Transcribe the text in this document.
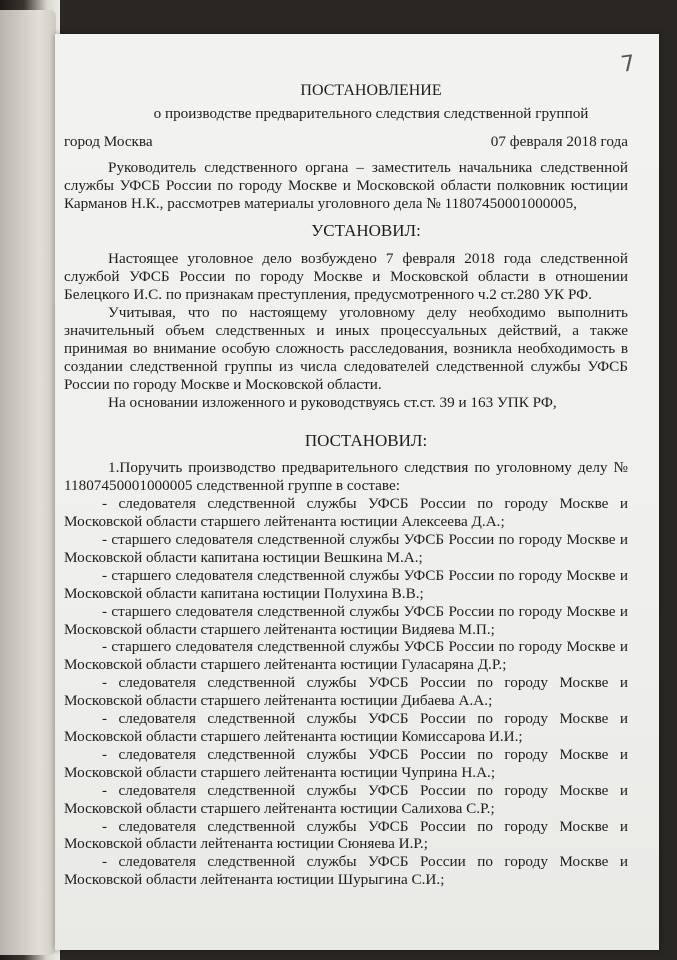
7
ПОСТАНОВЛЕНИЕ
о производстве предварительного следствия следственной группой
город Москва	07 февраля 2018 года

Руководитель следственного органа – заместитель начальника следственной службы УФСБ России по городу Москве и Московской области полковник юстиции Карманов Н.К., рассмотрев материалы уголовного дела № 11807450001000005,

УСТАНОВИЛ:

Настоящее уголовное дело возбуждено 7 февраля 2018 года следственной службой УФСБ России по городу Москве и Московской области в отношении Белецкого И.С. по признакам преступления, предусмотренного ч.2 ст.280 УК РФ.

Учитывая, что по настоящему уголовному делу необходимо выполнить значительный объем следственных и иных процессуальных действий, а также принимая во внимание особую сложность расследования, возникла необходимость в создании следственной группы из числа следователей следственной службы УФСБ России по городу Москве и Московской области.

На основании изложенного и руководствуясь ст.ст. 39 и 163 УПК РФ,

ПОСТАНОВИЛ:

1.Поручить производство предварительного следствия по уголовному делу № 11807450001000005 следственной группе в составе:

- следователя следственной службы УФСБ России по городу Москве и Московской области старшего лейтенанта юстиции Алексеева Д.А.;

- старшего следователя следственной службы УФСБ России по городу Москве и Московской области капитана юстиции Вешкина М.А.;

- старшего следователя следственной службы УФСБ России по городу Москве и Московской области капитана юстиции Полухина В.В.;

- старшего следователя следственной службы УФСБ России по городу Москве и Московской области старшего лейтенанта юстиции Видяева М.П.;

- старшего следователя следственной службы УФСБ России по городу Москве и Московской области старшего лейтенанта юстиции Гуласаряна Д.Р.;

- следователя следственной службы УФСБ России по городу Москве и Московской области старшего лейтенанта юстиции Дибаева А.А.;

- следователя следственной службы УФСБ России по городу Москве и Московской области старшего лейтенанта юстиции Комиссарова И.И.;

- следователя следственной службы УФСБ России по городу Москве и Московской области старшего лейтенанта юстиции Чуприна Н.А.;

- следователя следственной службы УФСБ России по городу Москве и Московской области старшего лейтенанта юстиции Салихова С.Р.;

- следователя следственной службы УФСБ России по городу Москве и Московской области лейтенанта юстиции Сюняева И.Р.;

- следователя следственной службы УФСБ России по городу Москве и Московской области лейтенанта юстиции Шурыгина С.И.;
